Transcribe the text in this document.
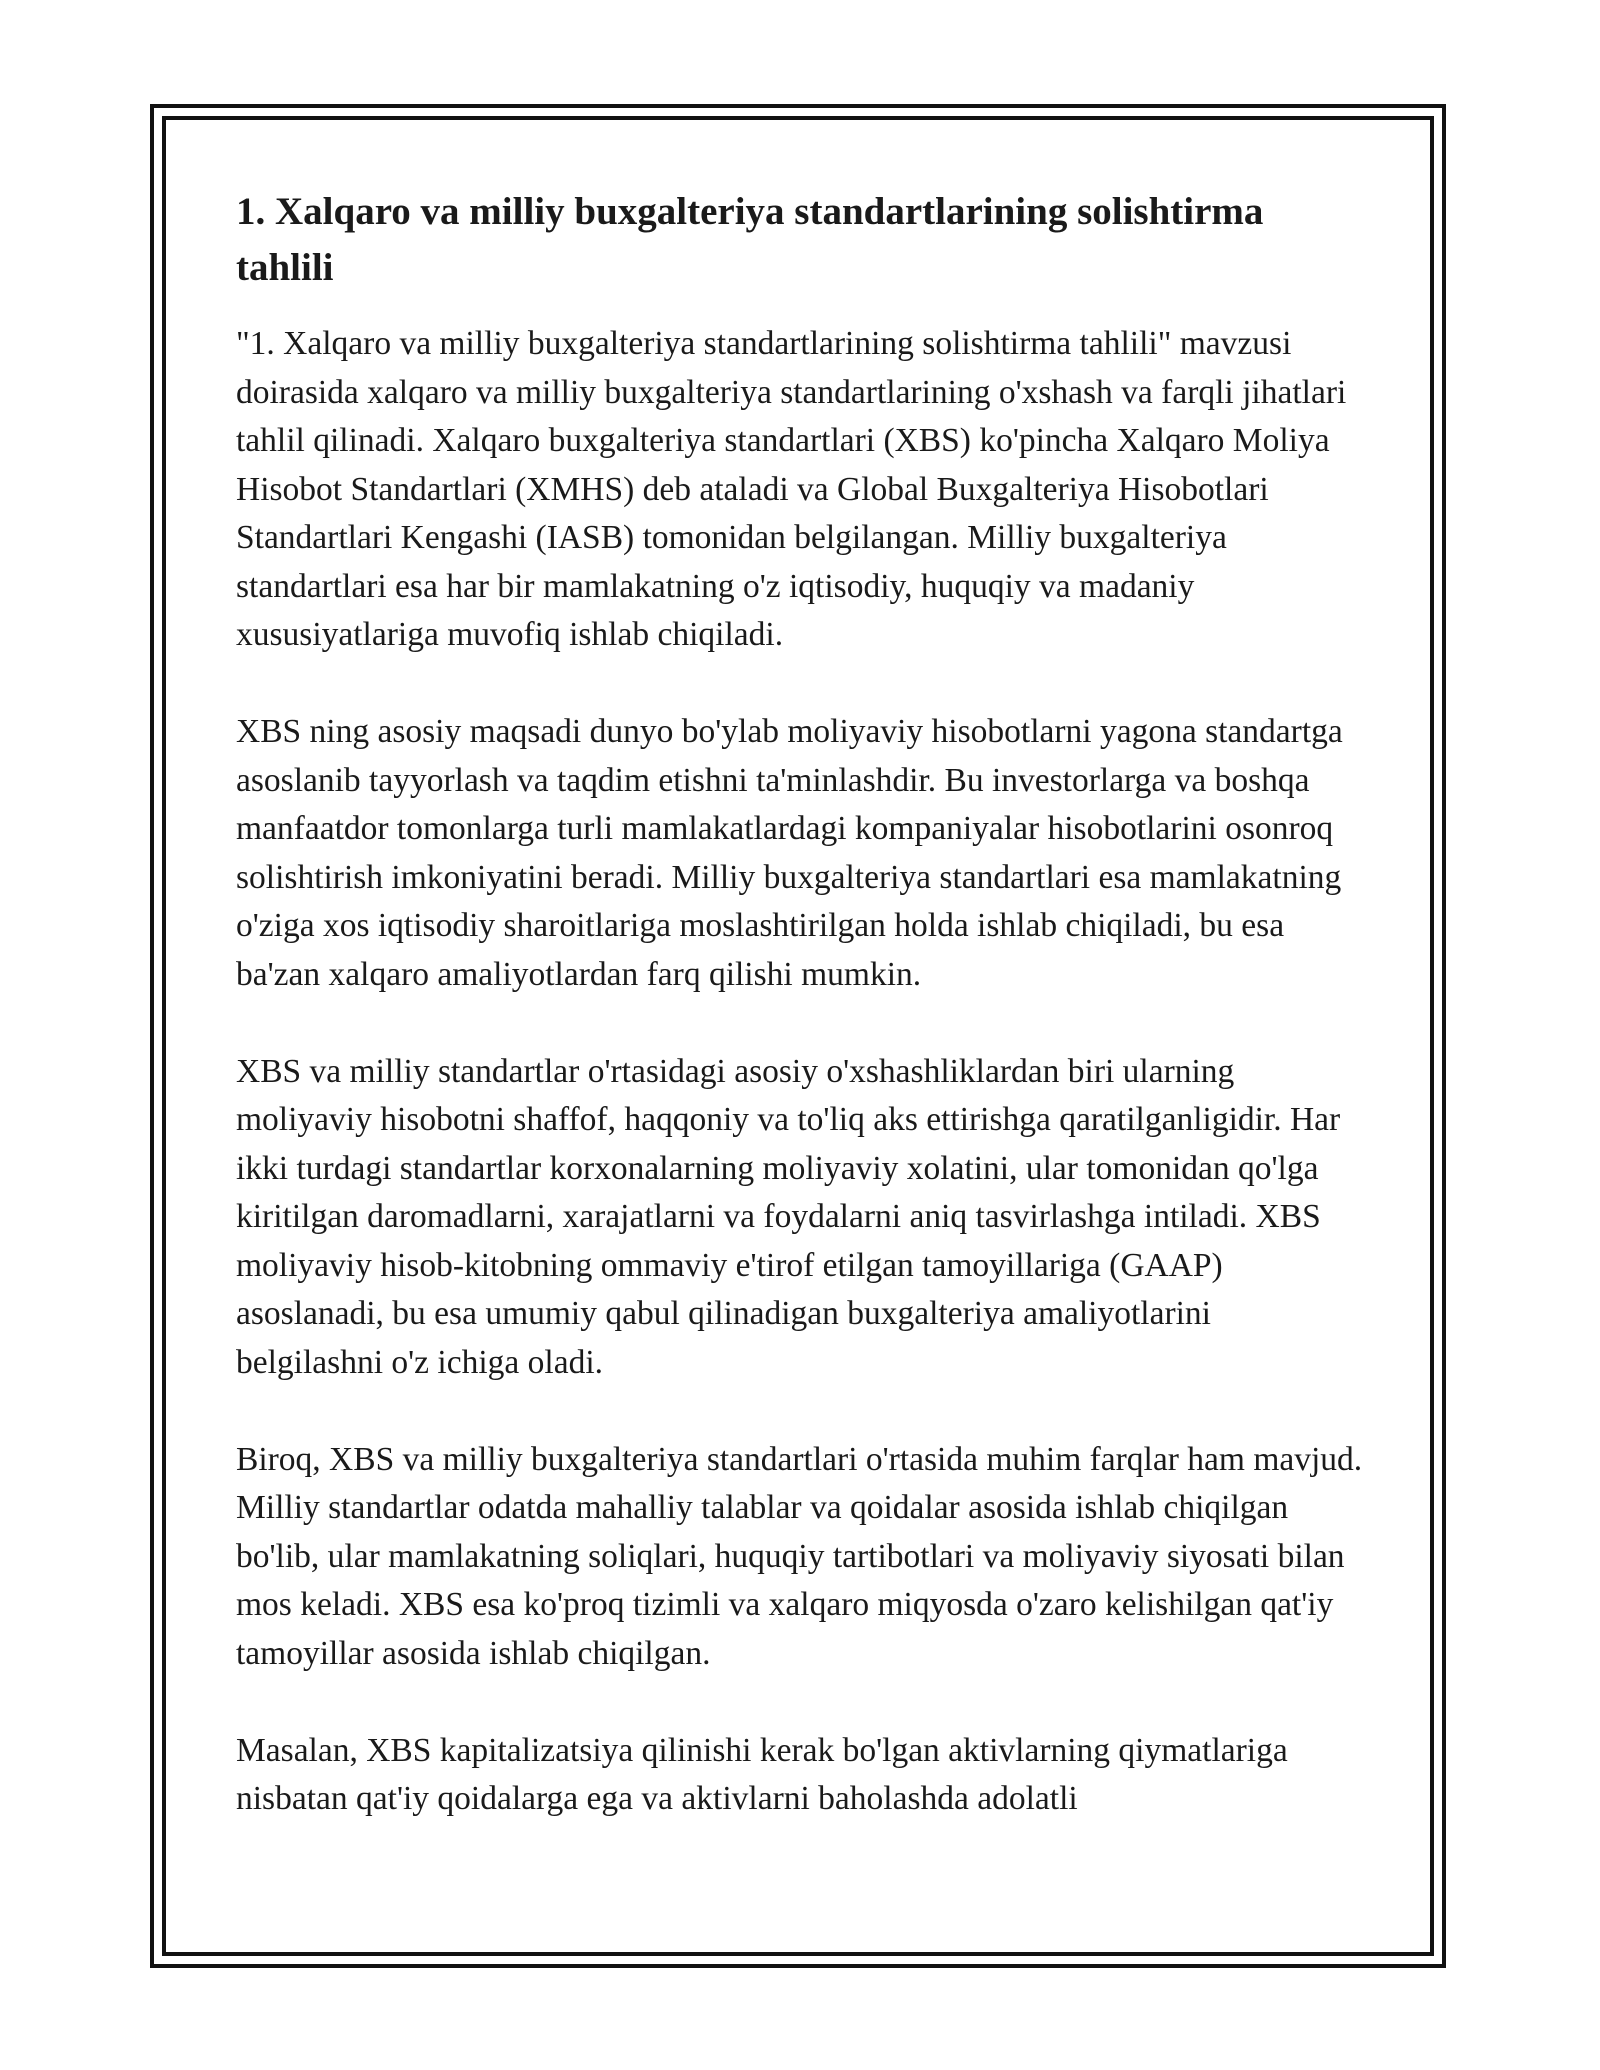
1. Xalqaro va milliy buxgalteriya standartlarining solishtirma tahlili

"1. Xalqaro va milliy buxgalteriya standartlarining solishtirma tahlili" mavzusi doirasida xalqaro va milliy buxgalteriya standartlarining o'xshash va farqli jihatlari tahlil qilinadi. Xalqaro buxgalteriya standartlari (XBS) ko'pincha Xalqaro Moliya Hisobot Standartlari (XMHS) deb ataladi va Global Buxgalteriya Hisobotlari Standartlari Kengashi (IASB) tomonidan belgilangan. Milliy buxgalteriya standartlari esa har bir mamlakatning o'z iqtisodiy, huquqiy va madaniy xususiyatlariga muvofiq ishlab chiqiladi.

XBS ning asosiy maqsadi dunyo bo'ylab moliyaviy hisobotlarni yagona standartga asoslanib tayyorlash va taqdim etishni ta'minlashdir. Bu investorlarga va boshqa manfaatdor tomonlarga turli mamlakatlardagi kompaniyalar hisobotlarini osonroq solishtirish imkoniyatini beradi. Milliy buxgalteriya standartlari esa mamlakatning o'ziga xos iqtisodiy sharoitlariga moslashtirilgan holda ishlab chiqiladi, bu esa ba'zan xalqaro amaliyotlardan farq qilishi mumkin.

XBS va milliy standartlar o'rtasidagi asosiy o'xshashliklardan biri ularning moliyaviy hisobotni shaffof, haqqoniy va to'liq aks ettirishga qaratilganligidir. Har ikki turdagi standartlar korxonalarning moliyaviy xolatini, ular tomonidan qo'lga kiritilgan daromadlarni, xarajatlarni va foydalarni aniq tasvirlashga intiladi. XBS moliyaviy hisob-kitobning ommaviy e'tirof etilgan tamoyillariga (GAAP) asoslanadi, bu esa umumiy qabul qilinadigan buxgalteriya amaliyotlarini belgilashni o'z ichiga oladi.

Biroq, XBS va milliy buxgalteriya standartlari o'rtasida muhim farqlar ham mavjud. Milliy standartlar odatda mahalliy talablar va qoidalar asosida ishlab chiqilgan bo'lib, ular mamlakatning soliqlari, huquqiy tartibotlari va moliyaviy siyosati bilan mos keladi. XBS esa ko'proq tizimli va xalqaro miqyosda o'zaro kelishilgan qat'iy tamoyillar asosida ishlab chiqilgan.

Masalan, XBS kapitalizatsiya qilinishi kerak bo'lgan aktivlarning qiymatlariga nisbatan qat'iy qoidalarga ega va aktivlarni baholashda adolatli
